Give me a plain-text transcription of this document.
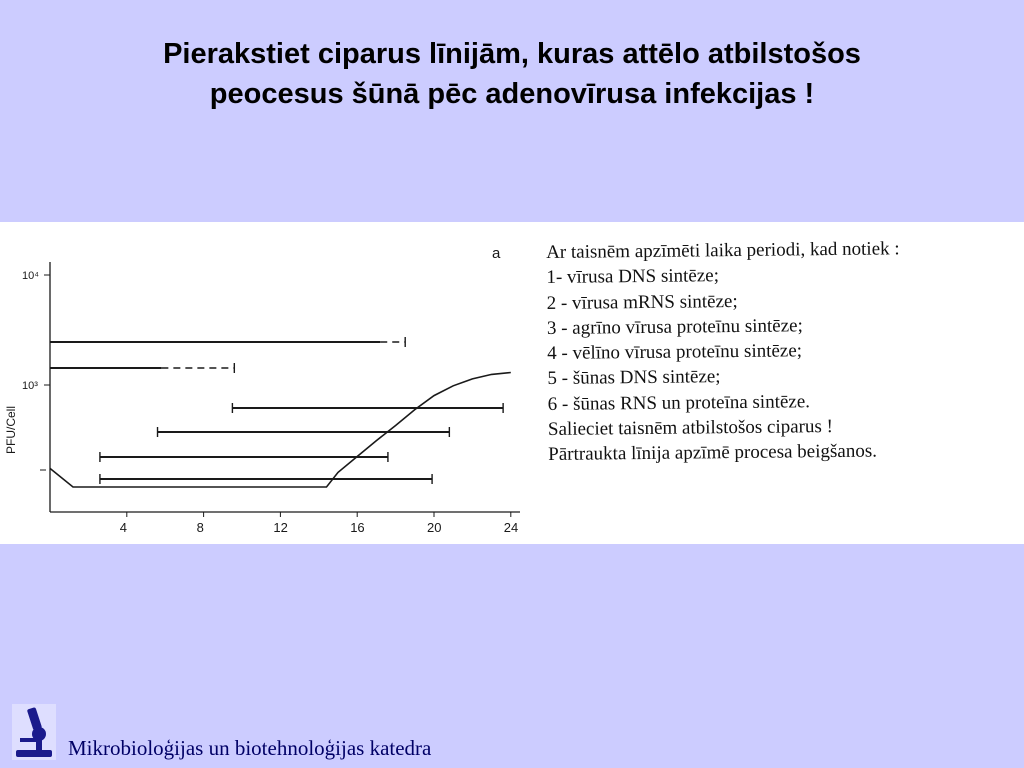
Pierakstiet ciparus līnijām, kuras attēlo atbilstošos
peocesus šūnā pēc adenovīrusa infekcijas !
10⁴
10³
PFU/Cell
4	8	12	16	20	24
a Ar taisnēm apzīmēti laika periodi, kad notiek :
1- vīrusa DNS sintēze;
2 - vīrusa mRNS sintēze;
3 - agrīno vīrusa proteīnu sintēze;
4 - vēlīno vīrusa proteīnu sintēze;
5 - šūnas DNS sintēze;
6 - šūnas RNS un proteīna sintēze.
Salieciet taisnēm atbilstošos ciparus !
Pārtraukta līnija apzīmē procesa beigšanos.
Mikrobioloģijas un biotehnoloģijas katedra
